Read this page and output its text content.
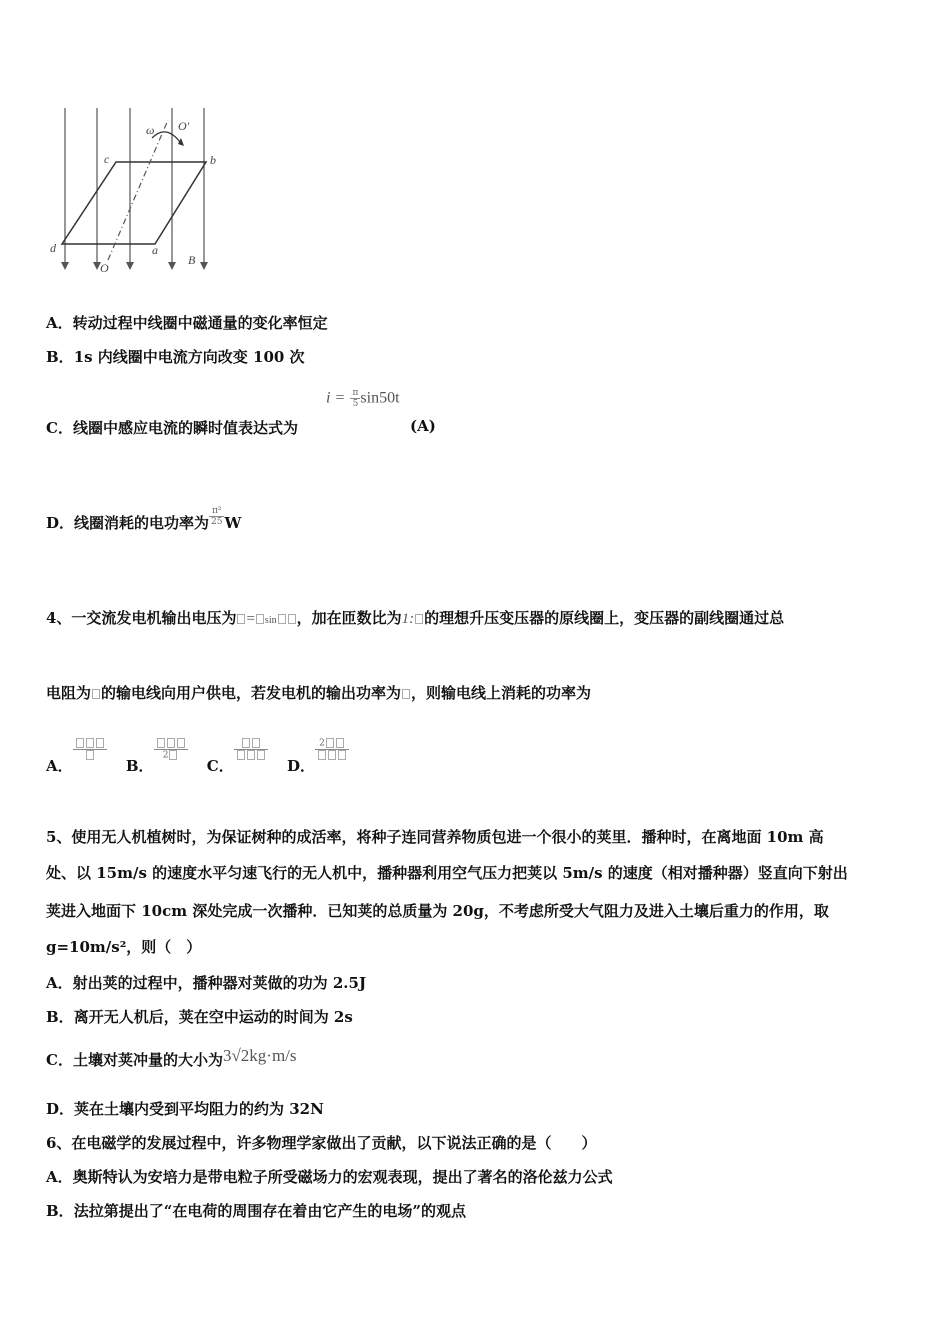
c	b
d	a
O
O'
ω
B
A．转动过程中线圈中磁通量的变化率恒定
B．1s 内线圈中电流方向改变 100 次
$i = \frac{\pi}{5} \sin 50t$
C．线圈中感应电流的瞬时值表达式为	(A)
D．线圈消耗的电功率为 $\frac{\text{π²}}{25}$ W
4、一交流发电机输出电压为 = sin ，加在匝数比为1: 的理想升压变压器的原线圈上，变压器的副线圈通过总
电阻为 的输电线向用户供电，若发电机的输出功率为 ，则输电线上消耗的功率为
A．	B．
2
C．	D．
2
5、使用无人机植树时，为保证树种的成活率，将种子连同营养物质包进一个很小的荚里．播种时，在离地面 10m 高
处、以 15m/s 的速度水平匀速飞行的无人机中，播种器利用空气压力把荚以 5m/s 的速度（相对播种器）竖直向下射出
荚进入地面下 10cm 深处完成一次播种．已知荚的总质量为 20g，不考虑所受大气阻力及进入土壤后重力的作用，取
g=10m/s²，则（　）
A．射出荚的过程中，播种器对荚做的功为 2.5J
B．离开无人机后，荚在空中运动的时间为 2s
C．土壤对荚冲量的大小为3√2kg·m/s
D．荚在土壤内受到平均阻力的约为 32N
6、在电磁学的发展过程中，许多物理学家做出了贡献，以下说法正确的是（　　）
A．奥斯特认为安培力是带电粒子所受磁场力的宏观表现，提出了著名的洛伦兹力公式
B．法拉第提出了“在电荷的周围存在着由它产生的电场”的观点
